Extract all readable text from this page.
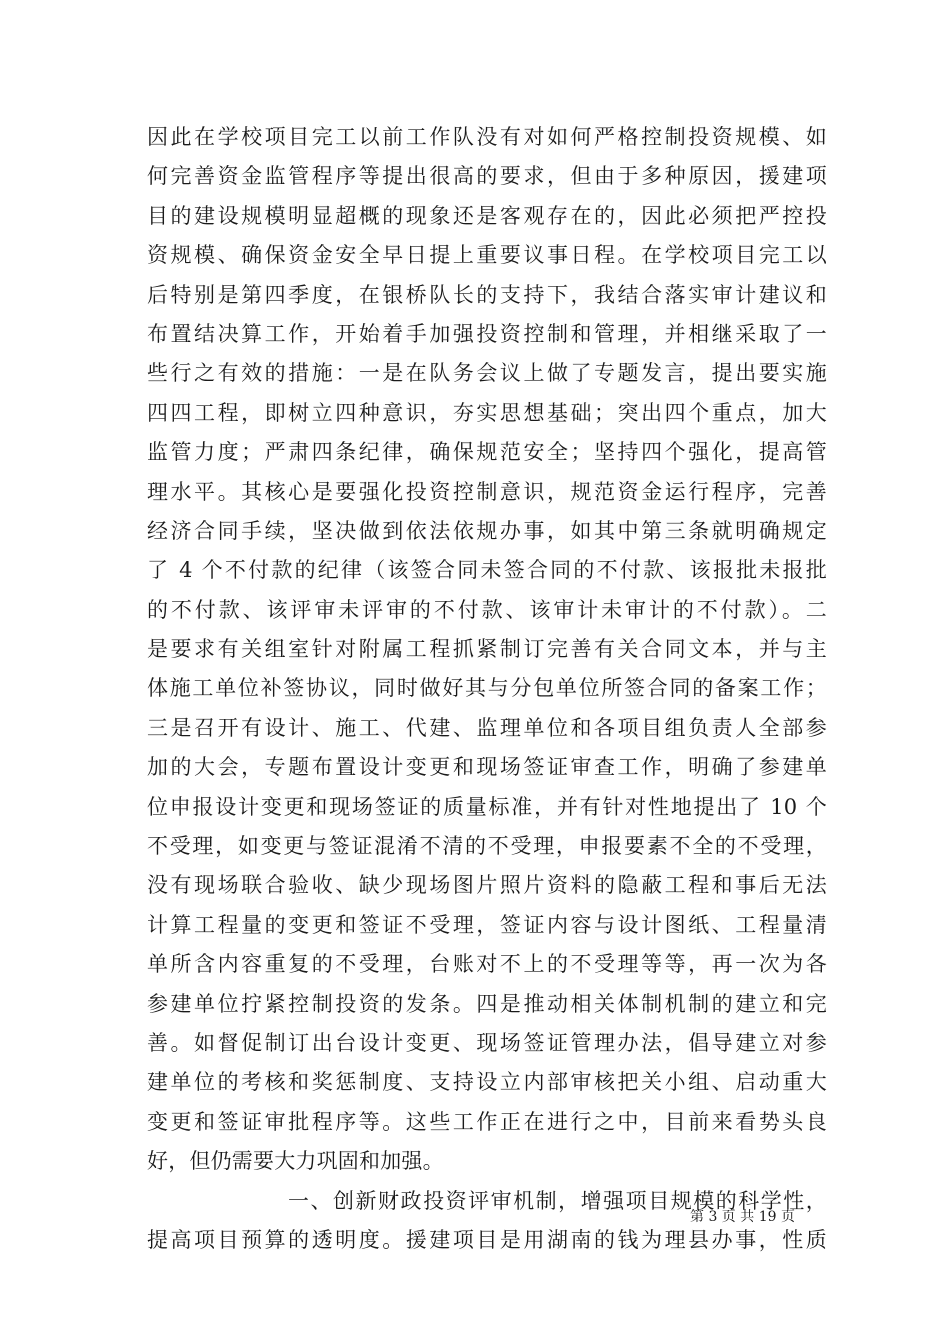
因此在学校项目完工以前工作队没有对如何严格控制投资规模、如
何完善资金监管程序等提出很高的要求，但由于多种原因，援建项
目的建设规模明显超概的现象还是客观存在的，因此必须把严控投
资规模、确保资金安全早日提上重要议事日程。在学校项目完工以
后特别是第四季度，在银桥队长的支持下，我结合落实审计建议和
布置结决算工作，开始着手加强投资控制和管理，并相继采取了一
些行之有效的措施：一是在队务会议上做了专题发言，提出要实施
四四工程，即树立四种意识，夯实思想基础；突出四个重点，加大
监管力度；严肃四条纪律，确保规范安全；坚持四个强化，提高管
理水平。其核心是要强化投资控制意识，规范资金运行程序，完善
经济合同手续，坚决做到依法依规办事，如其中第三条就明确规定
了 4 个不付款的纪律（该签合同未签合同的不付款、该报批未报批
的不付款、该评审未评审的不付款、该审计未审计的不付款）。二
是要求有关组室针对附属工程抓紧制订完善有关合同文本，并与主
体施工单位补签协议，同时做好其与分包单位所签合同的备案工作；
三是召开有设计、施工、代建、监理单位和各项目组负责人全部参
加的大会，专题布置设计变更和现场签证审查工作，明确了参建单
位申报设计变更和现场签证的质量标准，并有针对性地提出了 10 个
不受理，如变更与签证混淆不清的不受理，申报要素不全的不受理，
没有现场联合验收、缺少现场图片照片资料的隐蔽工程和事后无法
计算工程量的变更和签证不受理，签证内容与设计图纸、工程量清
单所含内容重复的不受理，台账对不上的不受理等等，再一次为各
参建单位拧紧控制投资的发条。四是推动相关体制机制的建立和完
善。如督促制订出台设计变更、现场签证管理办法，倡导建立对参
建单位的考核和奖惩制度、支持设立内部审核把关小组、启动重大
变更和签证审批程序等。这些工作正在进行之中，目前来看势头良
好，但仍需要大力巩固和加强。
一、创新财政投资评审机制，增强项目规模的科学性，
提高项目预算的透明度。援建项目是用湖南的钱为理县办事，性质
第 3 页 共 19 页
